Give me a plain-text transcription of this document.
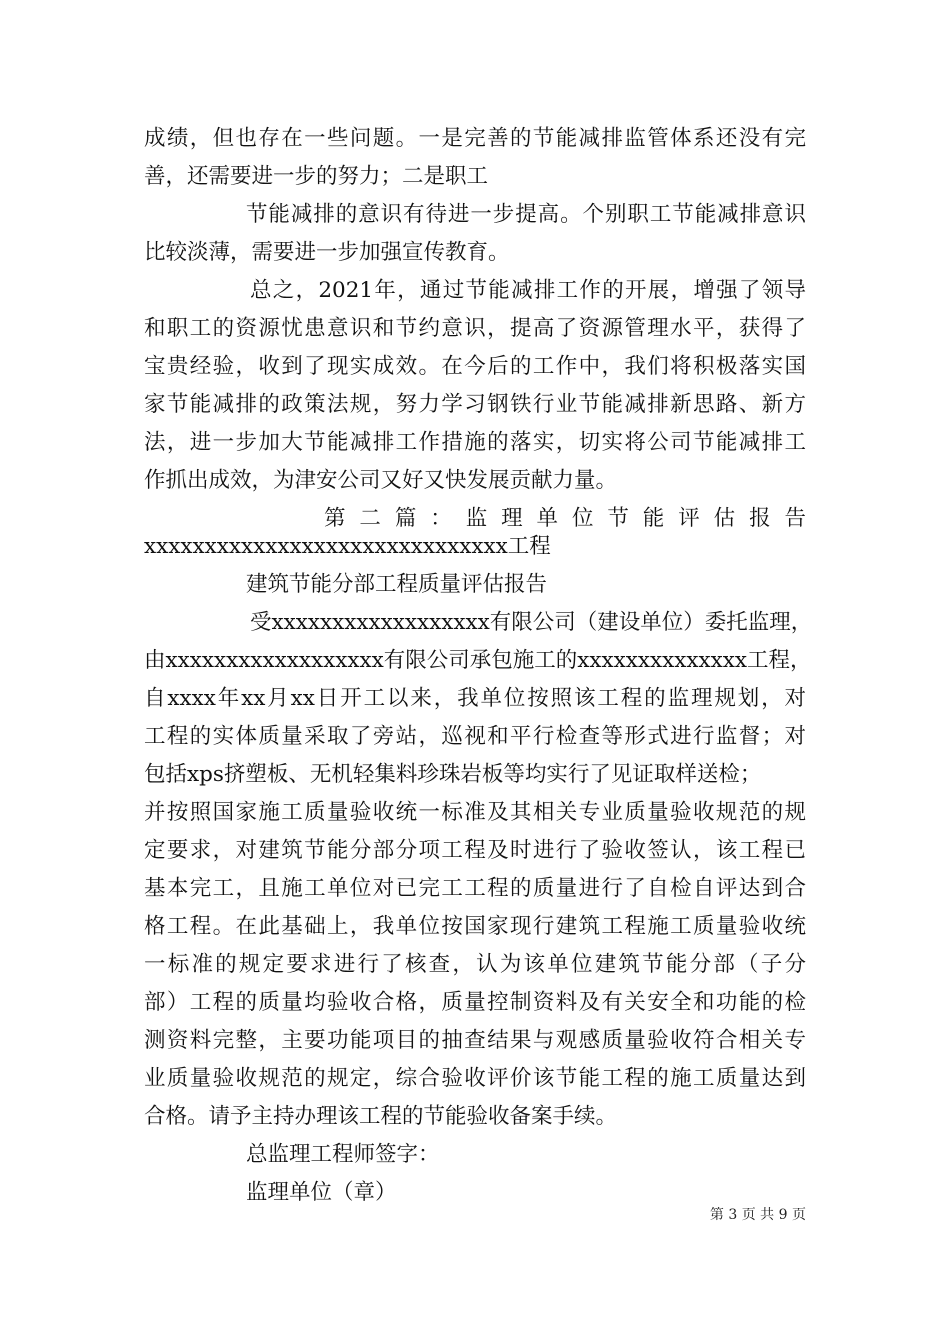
成绩，但也存在一些问题。一是完善的节能减排监管体系还没有完
善，还需要进一步的努力；二是职工
节能减排的意识有待进一步提高。个别职工节能减排意识
比较淡薄，需要进一步加强宣传教育。
总之，2021年，通过节能减排工作的开展，增强了领导
和职工的资源忧患意识和节约意识，提高了资源管理水平，获得了
宝贵经验，收到了现实成效。在今后的工作中，我们将积极落实国
家节能减排的政策法规，努力学习钢铁行业节能减排新思路、新方
法，进一步加大节能减排工作措施的落实，切实将公司节能减排工
作抓出成效，为津安公司又好又快发展贡献力量。
第二篇：监理单位节能评估报告
xxxxxxxxxxxxxxxxxxxxxxxxxxxxxx工程
建筑节能分部工程质量评估报告
受xxxxxxxxxxxxxxxxxx有限公司（建设单位）委托监理，
由xxxxxxxxxxxxxxxxxx有限公司承包施工的xxxxxxxxxxxxxx工程，
自xxxx年xx月xx日开工以来，我单位按照该工程的监理规划，对
工程的实体质量采取了旁站，巡视和平行检查等形式进行监督；对
包括xps挤塑板、无机轻集料珍珠岩板等均实行了见证取样送检；
并按照国家施工质量验收统一标准及其相关专业质量验收规范的规
定要求，对建筑节能分部分项工程及时进行了验收签认，该工程已
基本完工，且施工单位对已完工工程的质量进行了自检自评达到合
格工程。在此基础上，我单位按国家现行建筑工程施工质量验收统
一标准的规定要求进行了核查，认为该单位建筑节能分部（子分
部）工程的质量均验收合格，质量控制资料及有关安全和功能的检
测资料完整，主要功能项目的抽查结果与观感质量验收符合相关专
业质量验收规范的规定，综合验收评价该节能工程的施工质量达到
合格。请予主持办理该工程的节能验收备案手续。
总监理工程师签字：
监理单位（章）
第 3 页 共 9 页
